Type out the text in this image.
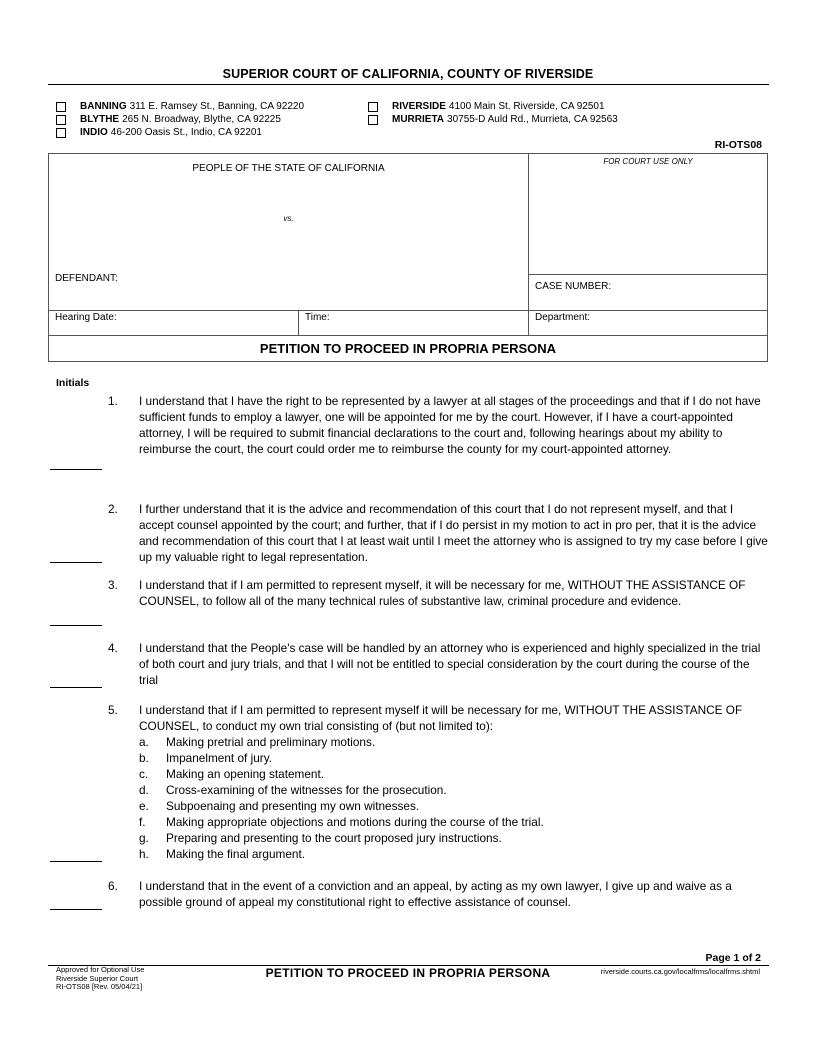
SUPERIOR COURT OF CALIFORNIA, COUNTY OF RIVERSIDE
BANNING 311 E. Ramsey St., Banning, CA 92220
BLYTHE 265 N. Broadway, Blythe, CA 92225
INDIO 46-200 Oasis St., Indio, CA 92201
RIVERSIDE 4100 Main St. Riverside, CA 92501
MURRIETA 30755-D Auld Rd., Murrieta, CA 92563
RI-OTS08
PEOPLE OF THE STATE OF CALIFORNIA
vs.
DEFENDANT:
FOR COURT USE ONLY
CASE NUMBER:
Hearing Date:	Time:	Department:
PETITION TO PROCEED IN PROPRIA PERSONA
Initials
1. I understand that I have the right to be represented by a lawyer at all stages of the proceedings and that if I do not have sufficient funds to employ a lawyer, one will be appointed for me by the court. However, if I have a court-appointed attorney, I will be required to submit financial declarations to the court and, following hearings about my ability to reimburse the court, the court could order me to reimburse the county for my court-appointed attorney.
2. I further understand that it is the advice and recommendation of this court that I do not represent myself, and that I accept counsel appointed by the court; and further, that if I do persist in my motion to act in pro per, that it is the advice and recommendation of this court that I at least wait until I meet the attorney who is assigned to try my case before I give up my valuable right to legal representation.
3. I understand that if I am permitted to represent myself, it will be necessary for me, WITHOUT THE ASSISTANCE OF COUNSEL, to follow all of the many technical rules of substantive law, criminal procedure and evidence.
4. I understand that the People's case will be handled by an attorney who is experienced and highly specialized in the trial of both court and jury trials, and that I will not be entitled to special consideration by the court during the course of the trial
5. I understand that if I am permitted to represent myself it will be necessary for me, WITHOUT THE ASSISTANCE OF COUNSEL, to conduct my own trial consisting of (but not limited to):
a.	Making pretrial and preliminary motions.
b.	Impanelment of jury.
c.	Making an opening statement.
d.	Cross-examining of the witnesses for the prosecution.
e.	Subpoenaing and presenting my own witnesses.
f.	Making appropriate objections and motions during the course of the trial.
g.	Preparing and presenting to the court proposed jury instructions.
h.	Making the final argument.
6. I understand that in the event of a conviction and an appeal, by acting as my own lawyer, I give up and waive as a possible ground of appeal my constitutional right to effective assistance of counsel.
Page 1 of 2
Approved for Optional Use
Riverside Superior Court
RI-OTS08 [Rev. 05/04/21]
PETITION TO PROCEED IN PROPRIA PERSONA	riverside.courts.ca.gov/localfrms/localfrms.shtml
